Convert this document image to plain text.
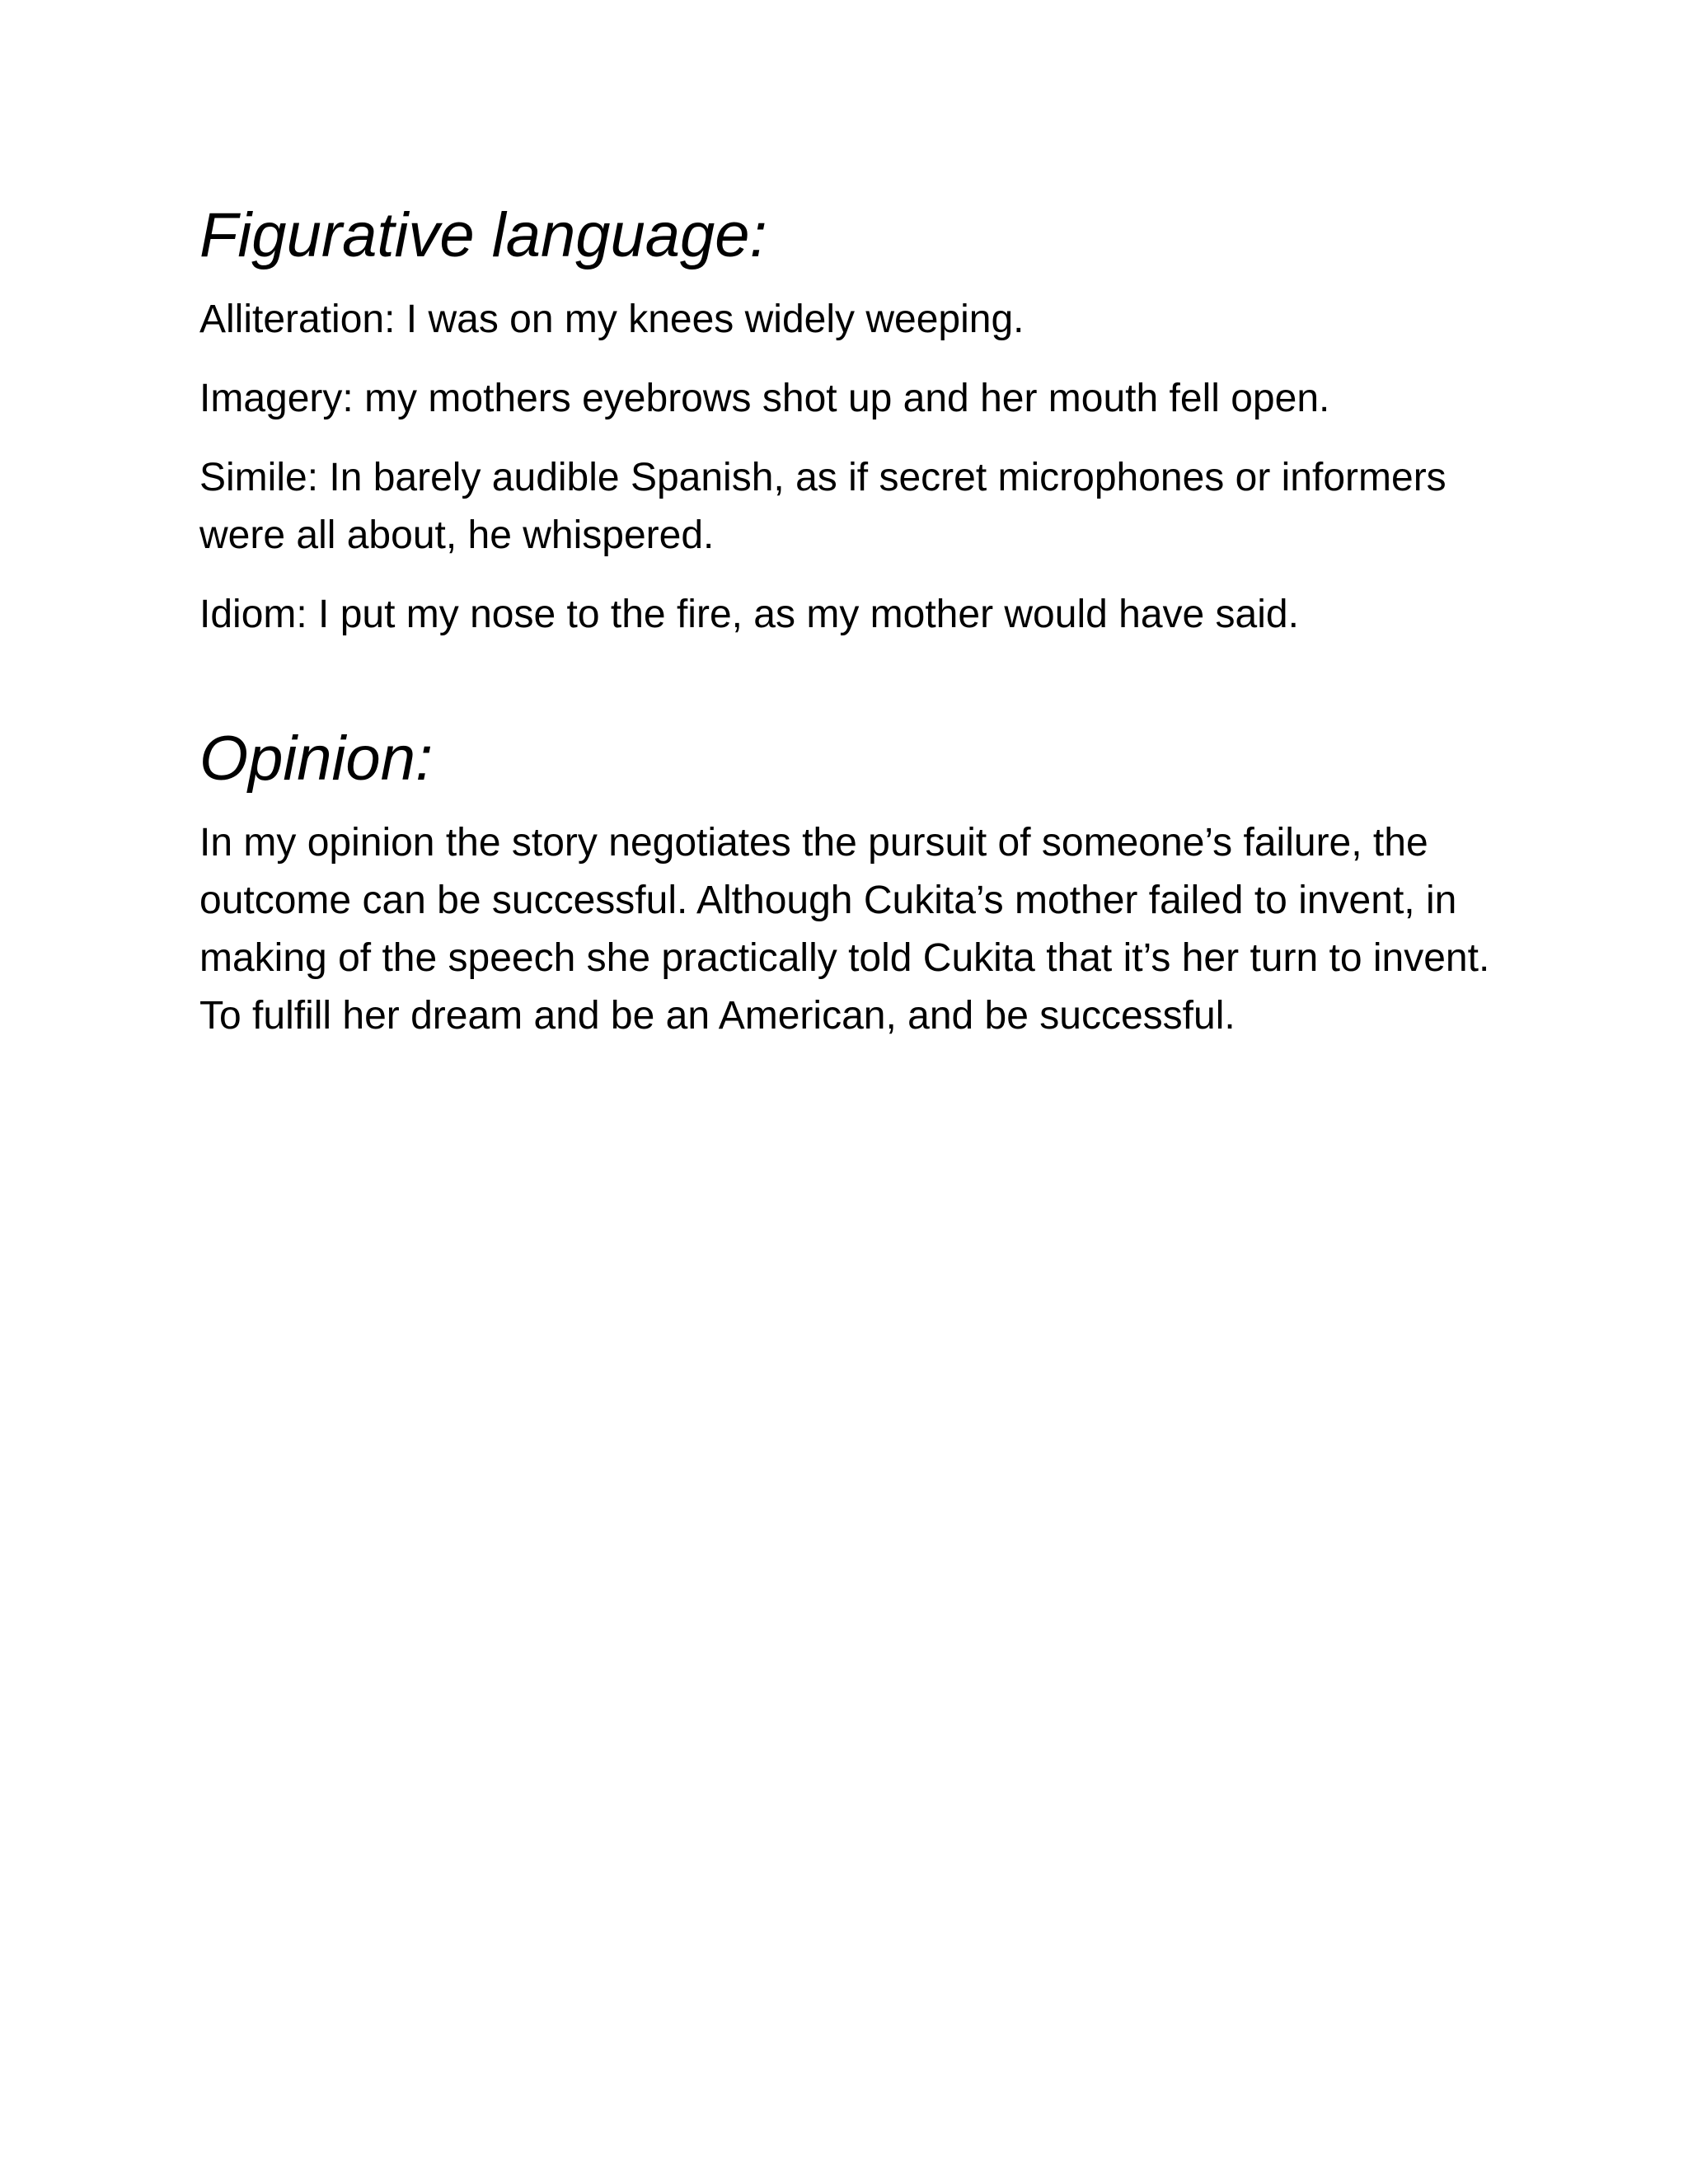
Figurative language:

Alliteration: I was on my knees widely weeping.

Imagery: my mothers eyebrows shot up and her mouth fell open.

Simile: In barely audible Spanish, as if secret microphones or informers were all about, he whispered.

Idiom: I put my nose to the fire, as my mother would have said.

Opinion:

In my opinion the story negotiates the pursuit of someone’s failure, the outcome can be successful. Although Cukita’s mother failed to invent, in making of the speech she practically told Cukita that it’s her turn to invent. To fulfill her dream and be an American, and be successful.
